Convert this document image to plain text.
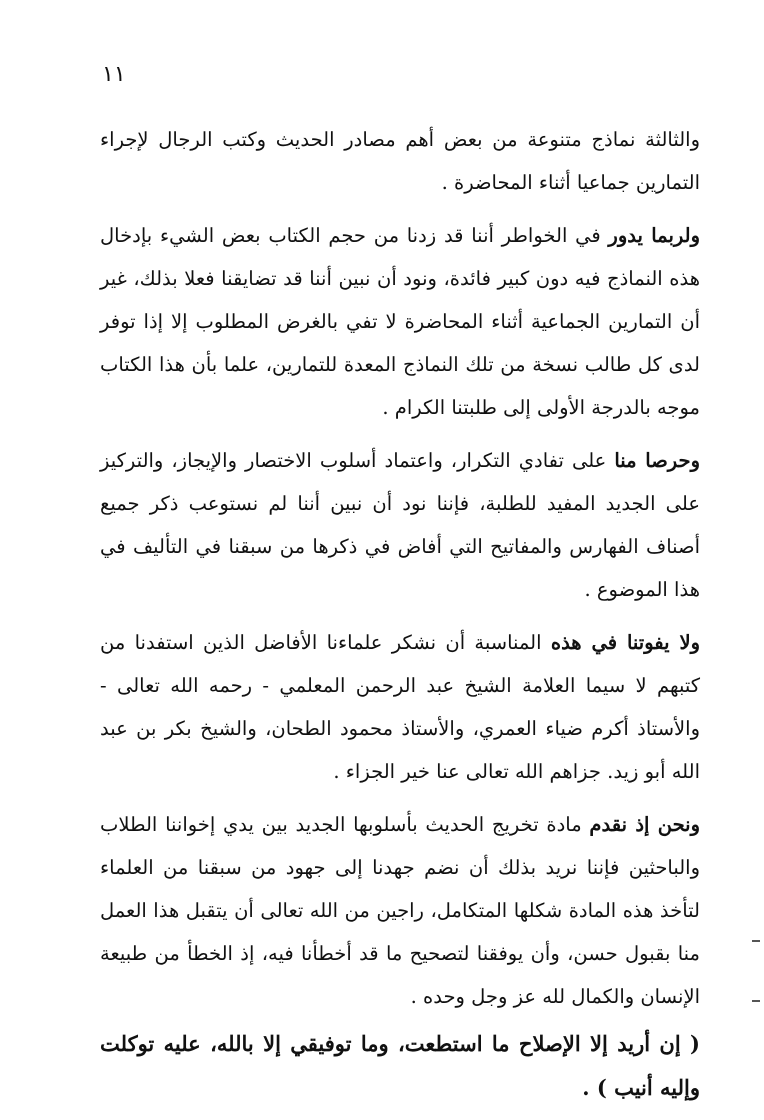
١١

والثالثة نماذج متنوعة من بعض أهم مصادر الحديث وكتب الرجال لإجراء التمارين جماعيا أثناء المحاضرة .

ولربما يدور في الخواطر أننا قد زدنا من حجم الكتاب بعض الشيء بإدخال هذه النماذج فيه دون كبير فائدة، ونود أن نبين أننا قد تضايقنا فعلا بذلك، غير أن التمارين الجماعية أثناء المحاضرة لا تفي بالغرض المطلوب إلا إذا توفر لدى كل طالب نسخة من تلك النماذج المعدة للتمارين، علما بأن هذا الكتاب موجه بالدرجة الأولى إلى طلبتنا الكرام .

وحرصا منا على تفادي التكرار، واعتماد أسلوب الاختصار والإيجاز، والتركيز على الجديد المفيد للطلبة، فإننا نود أن نبين أننا لم نستوعب ذكر جميع أصناف الفهارس والمفاتيح التي أفاض في ذكرها من سبقنا في التأليف في هذا الموضوع .

ولا يفوتنا في هذه المناسبة أن نشكر علماءنا الأفاضل الذين استفدنا من كتبهم لا سيما العلامة الشيخ عبد الرحمن المعلمي - رحمه الله تعالى - والأستاذ أكرم ضياء العمري، والأستاذ محمود الطحان، والشيخ بكر بن عبد الله أبو زيد. جزاهم الله تعالى عنا خير الجزاء .

ونحن إذ نقدم مادة تخريج الحديث بأسلوبها الجديد بين يدي إخواننا الطلاب والباحثين فإننا نريد بذلك أن نضم جهدنا إلى جهود من سبقنا من العلماء لتأخذ هذه المادة شكلها المتكامل، راجين من الله تعالى أن يتقبل هذا العمل منا بقبول حسن، وأن يوفقنا لتصحيح ما قد أخطأنا فيه، إذ الخطأ من طبيعة الإنسان والكمال لله عز وجل وحده .

( إن أريد إلا الإصلاح ما استطعت، وما توفيقي إلا بالله، عليه توكلت وإليه أنيب ) .
